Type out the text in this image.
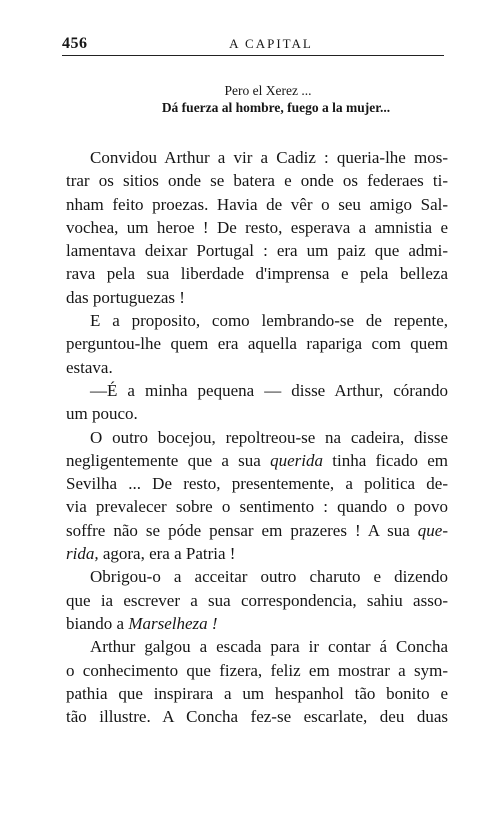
456	A CAPITAL
Pero el Xerez ...
Dá fuerza al hombre, fuego a la mujer...
Convidou Arthur a vir a Cadiz : queria-lhe mos-
trar os sitios onde se batera e onde os federaes ti-
nham feito proezas. Havia de vêr o seu amigo Sal-
vochea, um heroe ! De resto, esperava a amnistia e
lamentava deixar Portugal : era um paiz que admi-
rava pela sua liberdade d'imprensa e pela belleza
das portuguezas !
E a proposito, como lembrando-se de repente,
perguntou-lhe quem era aquella rapariga com quem
estava.
—É a minha pequena — disse Arthur, córando
um pouco.
O outro bocejou, repoltreou-se na cadeira, disse
negligentemente que a sua querida tinha ficado em
Sevilha ... De resto, presentemente, a politica de-
via prevalecer sobre o sentimento : quando o povo
soffre não se póde pensar em prazeres ! A sua que-
rida, agora, era a Patria !
Obrigou-o a acceitar outro charuto e dizendo
que ia escrever a sua correspondencia, sahiu asso-
biando a Marselheza !
Arthur galgou a escada para ir contar á Concha
o conhecimento que fizera, feliz em mostrar a sym-
pathia que inspirara a um hespanhol tão bonito e
tão illustre. A Concha fez-se escarlate, deu duas
